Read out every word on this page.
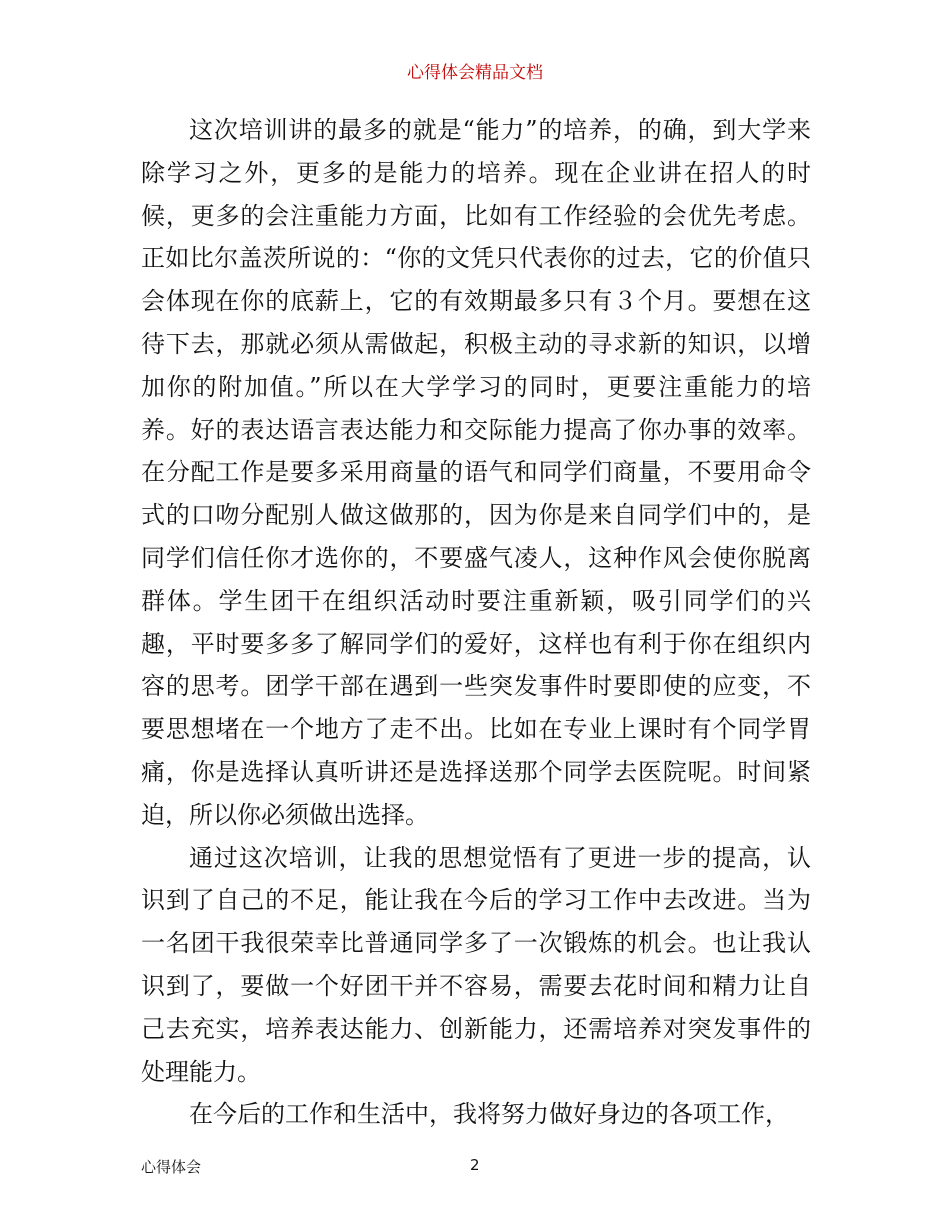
心得体会精品文档

这次培训讲的最多的就是“能力”的培养，的确，到大学来除学习之外，更多的是能力的培养。现在企业讲在招人的时候，更多的会注重能力方面，比如有工作经验的会优先考虑。正如比尔盖茨所说的：“你的文凭只代表你的过去，它的价值只会体现在你的底薪上，它的有效期最多只有３个月。要想在这待下去，那就必须从需做起，积极主动的寻求新的知识，以增加你的附加值。”所以在大学学习的同时，更要注重能力的培养。好的表达语言表达能力和交际能力提高了你办事的效率。在分配工作是要多采用商量的语气和同学们商量，不要用命令式的口吻分配别人做这做那的，因为你是来自同学们中的，是同学们信任你才选你的，不要盛气凌人，这种作风会使你脱离群体。学生团干在组织活动时要注重新颖，吸引同学们的兴趣，平时要多多了解同学们的爱好，这样也有利于你在组织内容的思考。团学干部在遇到一些突发事件时要即使的应变，不要思想堵在一个地方了走不出。比如在专业上课时有个同学胃痛，你是选择认真听讲还是选择送那个同学去医院呢。时间紧迫，所以你必须做出选择。

通过这次培训，让我的思想觉悟有了更进一步的提高，认识到了自己的不足，能让我在今后的学习工作中去改进。当为一名团干我很荣幸比普通同学多了一次锻炼的机会。也让我认识到了，要做一个好团干并不容易，需要去花时间和精力让自己去充实，培养表达能力、创新能力，还需培养对突发事件的处理能力。

在今后的工作和生活中，我将努力做好身边的各项工作，

心得体会	2
